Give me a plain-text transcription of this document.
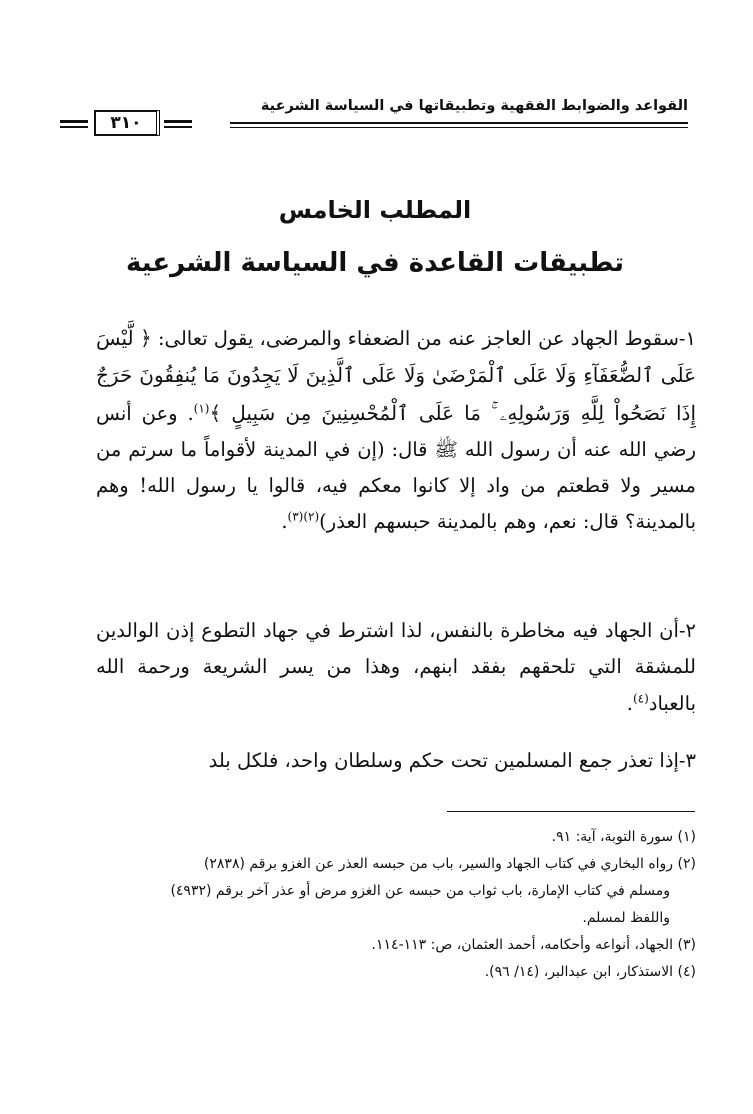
٣١٠
القواعد والضوابط الفقهية وتطبيقاتها في السياسة الشرعية
المطلب الخامس
تطبيقات القاعدة في السياسة الشرعية
١-سقوط الجهاد عن العاجز عنه من الضعفاء والمرضى، يقول تعالى: ﴿ لَّيْسَ عَلَى ٱلضُّعَفَآءِ وَلَا عَلَى ٱلْمَرْضَىٰ وَلَا عَلَى ٱلَّذِينَ لَا يَجِدُونَ مَا يُنفِقُونَ حَرَجٌ إِذَا نَصَحُواْ لِلَّهِ وَرَسُولِهِۦ ۚ مَا عَلَى ٱلْمُحْسِنِينَ مِن سَبِيلٍ ﴾$^{(١)}$. وعن أنس رضي الله عنه أن رسول الله ﷺ قال: (إن في المدينة لأقواماً ما سرتم من مسير ولا قطعتم من واد إلا كانوا معكم فيه، قالوا يا رسول الله! وهم بالمدينة؟ قال: نعم، وهم بالمدينة حبسهم العذر)$^{(٢)(٣)}$.
٢-أن الجهاد فيه مخاطرة بالنفس، لذا اشترط في جهاد التطوع إذن الوالدين للمشقة التي تلحقهم بفقد ابنهم، وهذا من يسر الشريعة ورحمة الله بالعباد$^{(٤)}$.
٣-إذا تعذر جمع المسلمين تحت حكم وسلطان واحد، فلكل بلد
(١) سورة التوبة، آية: ٩١.
(٢) رواه البخاري في كتاب الجهاد والسير، باب من حبسه العذر عن الغزو برقم (٢٨٣٨)
ومسلم في كتاب الإمارة، باب ثواب من حبسه عن الغزو مرض أو عذر آخر برقم (٤٩٣٢)
واللفظ لمسلم.
(٣) الجهاد، أنواعه وأحكامه، أحمد العثمان، ص: ١١٣-١١٤.
(٤) الاستذكار، ابن عبدالبر، (١٤/ ٩٦).
